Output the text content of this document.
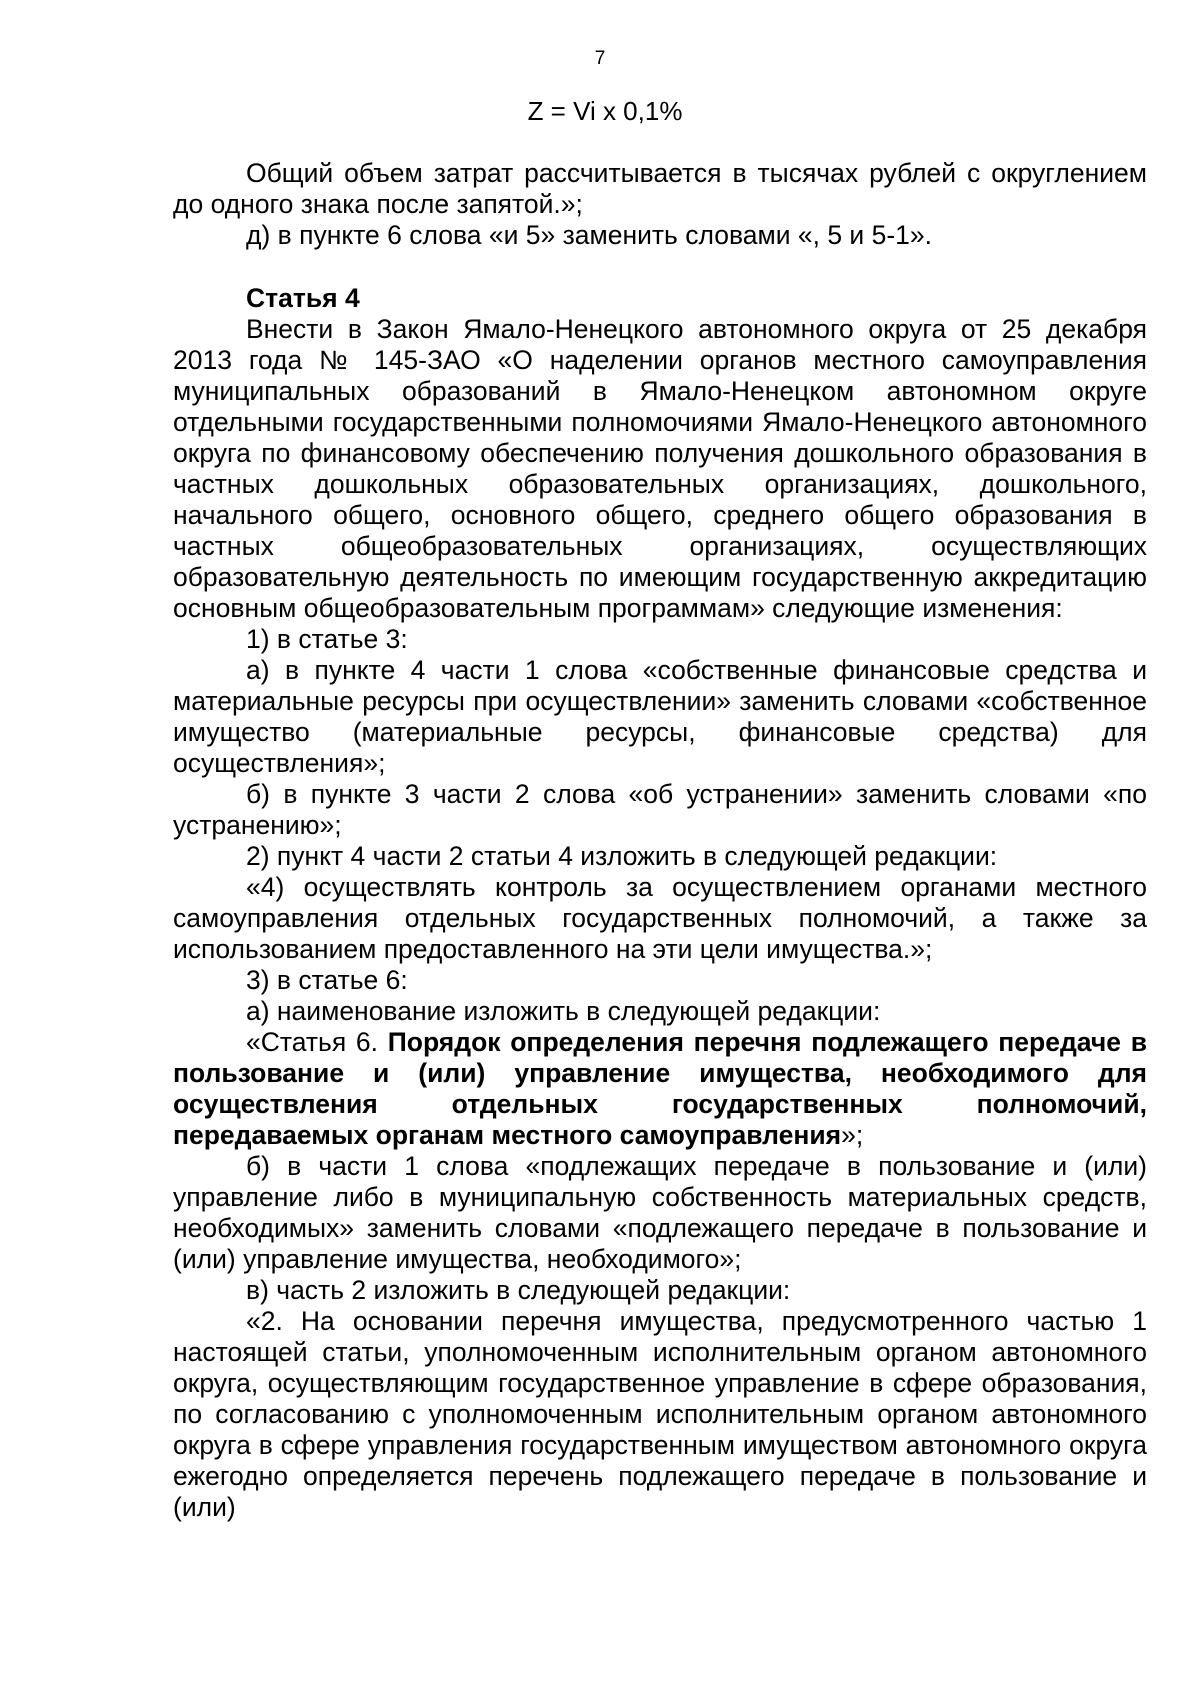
7
Z = Vi x 0,1%

Общий объем затрат рассчитывается в тысячах рублей с округлением до одного знака после запятой.»;

д) в пункте 6 слова «и 5» заменить словами «, 5 и 5-1».

Статья 4

Внести в Закон Ямало-Ненецкого автономного округа от 25 декабря 2013 года № 145-ЗАО «О наделении органов местного самоуправления муниципальных образований в Ямало-Ненецком автономном округе отдельными государственными полномочиями Ямало-Ненецкого автономного округа по финансовому обеспечению получения дошкольного образования в частных дошкольных образовательных организациях, дошкольного, начального общего, основного общего, среднего общего образования в частных общеобразовательных организациях, осуществляющих образовательную деятельность по имеющим государственную аккредитацию основным общеобразовательным программам» следующие изменения:

1) в статье 3:

а) в пункте 4 части 1 слова «собственные финансовые средства и материальные ресурсы при осуществлении» заменить словами «собственное имущество (материальные ресурсы, финансовые средства) для осуществления»;

б) в пункте 3 части 2 слова «об устранении» заменить словами «по устранению»;

2) пункт 4 части 2 статьи 4 изложить в следующей редакции:

«4) осуществлять контроль за осуществлением органами местного самоуправления отдельных государственных полномочий, а также за использованием предоставленного на эти цели имущества.»;

3) в статье 6:

а) наименование изложить в следующей редакции:

«Статья 6. Порядок определения перечня подлежащего передаче в пользование и (или) управление имущества, необходимого для осуществления отдельных государственных полномочий, передаваемых органам местного самоуправления»;

б) в части 1 слова «подлежащих передаче в пользование и (или) управление либо в муниципальную собственность материальных средств, необходимых» заменить словами «подлежащего передаче в пользование и (или) управление имущества, необходимого»;

в) часть 2 изложить в следующей редакции:

«2. На основании перечня имущества, предусмотренного частью 1 настоящей статьи, уполномоченным исполнительным органом автономного округа, осуществляющим государственное управление в сфере образования, по согласованию с уполномоченным исполнительным органом автономного округа в сфере управления государственным имуществом автономного округа ежегодно определяется перечень подлежащего передаче в пользование и (или)
